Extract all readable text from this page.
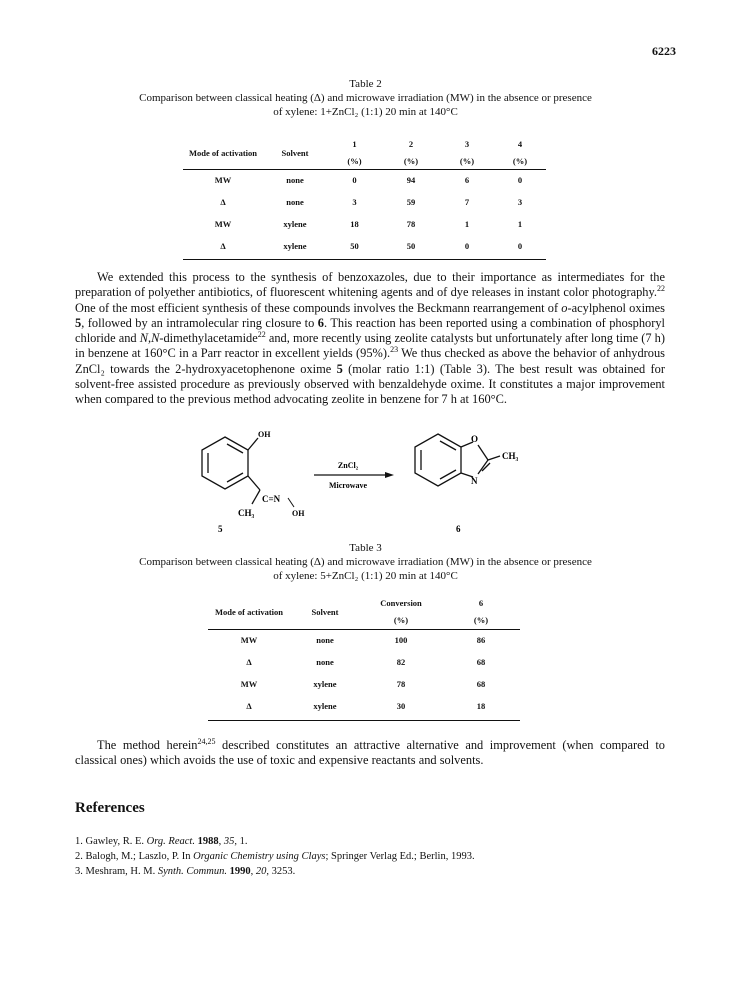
6223
Table 2
Comparison between classical heating (Δ) and microwave irradiation (MW) in the absence or presence
of xylene: 1+ZnCl₂ (1:1) 20 min at 140°C
Mode of activation	Solvent	1	2	3	4
		(%)	(%)	(%)	(%)
MW	none	0	94	6	0
Δ	none	3	59	7	3
MW	xylene	18	78	1	1
Δ	xylene	50	50	0	0

We extended this process to the synthesis of benzoxazoles, due to their importance as intermediates for the preparation of polyether antibiotics, of fluorescent whitening agents and of dye releases in instant color photography.$^{22}$ One of the most efficient synthesis of these compounds involves the Beckmann rearrangement of o-acylphenol oximes 5, followed by an intramolecular ring closure to 6. This reaction has been reported using a combination of phosphoryl chloride and N,N-dimethylacetamide$^{22}$ and, more recently using zeolite catalysts but unfortunately after long time (7 h) in benzene at 160°C in a Parr reactor in excellent yields (95%).$^{23}$ We thus checked as above the behavior of anhydrous ZnCl₂ towards the 2-hydroxyacetophenone oxime 5 (molar ratio 1:1) (Table 3). The best result was obtained for solvent-free assisted procedure as previously observed with benzaldehyde oxime. It constitutes a major improvement when compared to the previous method advocating zeolite in benzene for 7 h at 160°C.

OH
C=N
CH₃	OH
5
ZnCl₂
Microwave
O
N
CH₃
6
Table 3
Comparison between classical heating (Δ) and microwave irradiation (MW) in the absence or presence
of xylene: 5+ZnCl₂ (1:1) 20 min at 140°C
Mode of activation	Solvent	Conversion	6
		(%)	(%)
MW	none	100	86
Δ	none	82	68
MW	xylene	78	68
Δ	xylene	30	18

The method herein$^{24,25}$ described constitutes an attractive alternative and improvement (when compared to classical ones) which avoids the use of toxic and expensive reactants and solvents.

References
1. Gawley, R. E. Org. React. 1988, 35, 1.
2. Balogh, M.; Laszlo, P. In Organic Chemistry using Clays; Springer Verlag Ed.; Berlin, 1993.
3. Meshram, H. M. Synth. Commun. 1990, 20, 3253.
